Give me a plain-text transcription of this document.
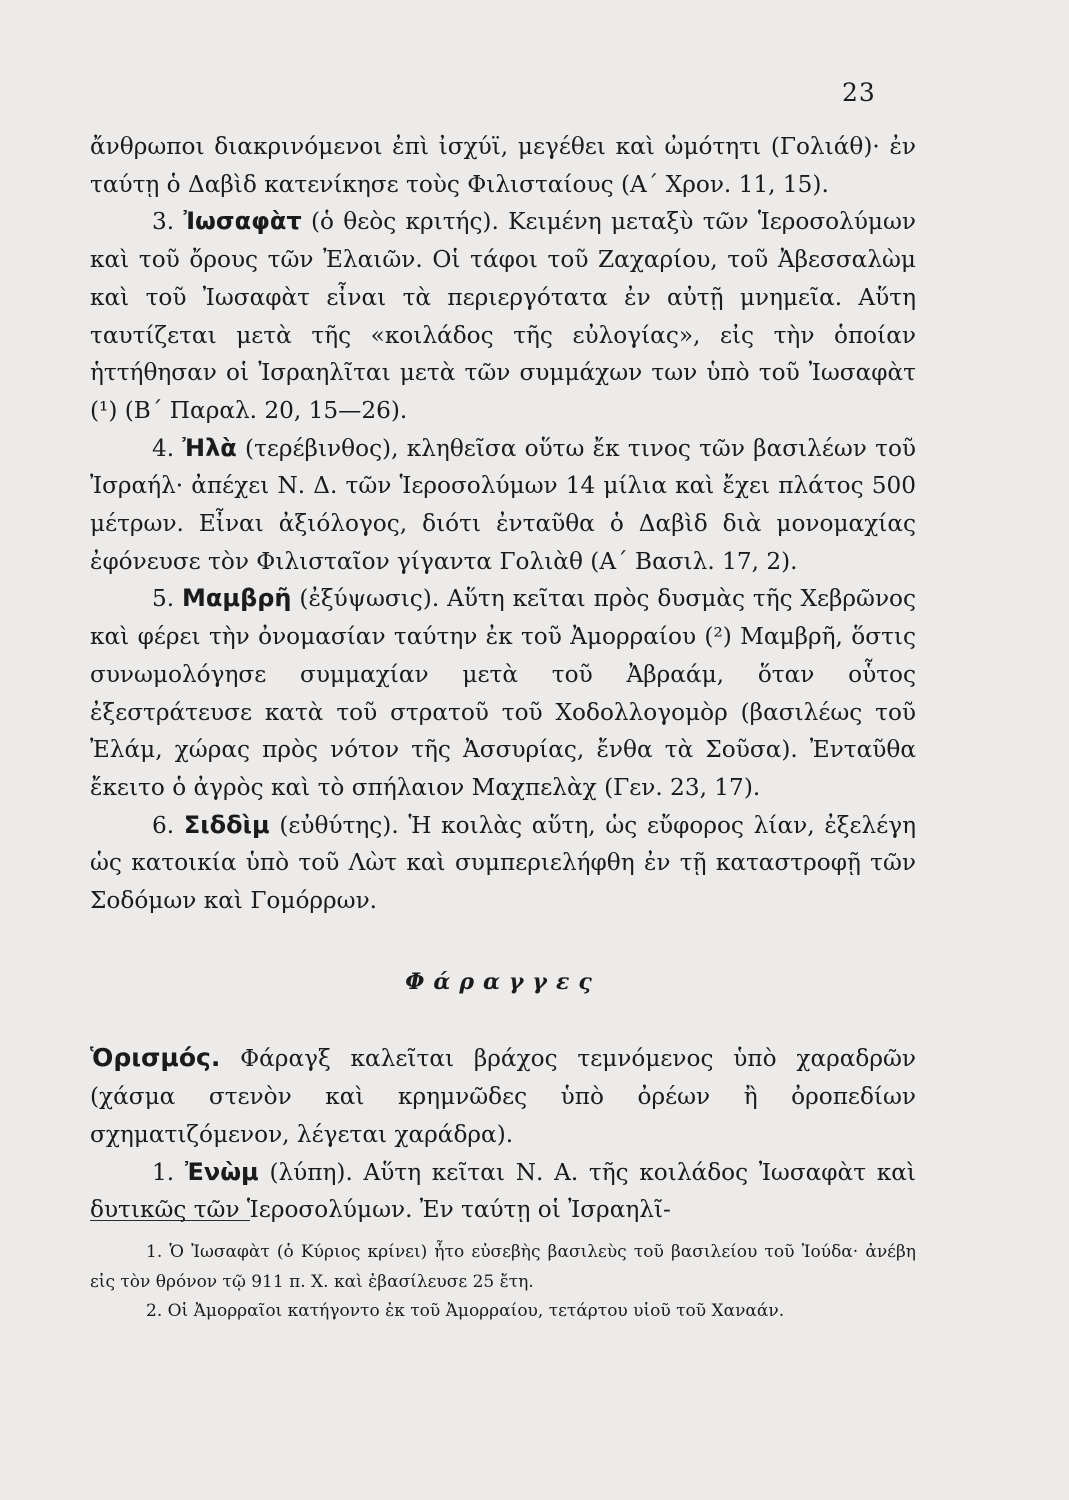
23

ἄνθρωποι διακρινόμενοι ἐπὶ ἰσχύϊ, μεγέθει καὶ ὠμότητι (Γολιάθ)· ἐν ταύτῃ ὁ Δαβὶδ κατενίκησε τοὺς Φιλισταίους (Α΄ Χρον. 11, 15).

3. Ἰωσαφὰτ (ὁ θεὸς κριτής). Κειμένη μεταξὺ τῶν Ἱεροσολύμων καὶ τοῦ ὄρους τῶν Ἐλαιῶν. Οἱ τάφοι τοῦ Ζαχαρίου, τοῦ Ἀβεσσαλὼμ καὶ τοῦ Ἰωσαφὰτ εἶναι τὰ περιεργότατα ἐν αὐτῇ μνημεῖα. Αὕτη ταυτίζεται μετὰ τῆς «κοιλάδος τῆς εὐλογίας», εἰς τὴν ὁποίαν ἡττήθησαν οἱ Ἰσραηλῖται μετὰ τῶν συμμάχων των ὑπὸ τοῦ Ἰωσαφὰτ (¹) (Β΄ Παραλ. 20, 15—26).

4. Ἠλὰ (τερέβινθος), κληθεῖσα οὕτω ἔκ τινος τῶν βασιλέων τοῦ Ἰσραήλ· ἀπέχει Ν. Δ. τῶν Ἱεροσολύμων 14 μίλια καὶ ἔχει πλάτος 500 μέτρων. Εἶναι ἀξιόλογος, διότι ἐνταῦθα ὁ Δαβὶδ διὰ μονομαχίας ἐφόνευσε τὸν Φιλισταῖον γίγαντα Γολιὰθ (Α΄ Βασιλ. 17, 2).

5. Μαμβρῆ (ἐξύψωσις). Αὕτη κεῖται πρὸς δυσμὰς τῆς Χεβρῶνος καὶ φέρει τὴν ὀνομασίαν ταύτην ἐκ τοῦ Ἀμορραίου (²) Μαμβρῆ, ὅστις συνωμολόγησε συμμαχίαν μετὰ τοῦ Ἀβραάμ, ὅταν οὗτος ἐξεστράτευσε κατὰ τοῦ στρατοῦ τοῦ Χοδολλογομὸρ (βασιλέως τοῦ Ἐλάμ, χώρας πρὸς νότον τῆς Ἀσσυρίας, ἔνθα τὰ Σοῦσα). Ἐνταῦθα ἔκειτο ὁ ἀγρὸς καὶ τὸ σπήλαιον Μαχπελὰχ (Γεν. 23, 17).

6. Σιδδὶμ (εὐθύτης). Ἡ κοιλὰς αὕτη, ὡς εὔφορος λίαν, ἐξελέγη ὡς κατοικία ὑπὸ τοῦ Λὼτ καὶ συμπεριελήφθη ἐν τῇ καταστροφῇ τῶν Σοδόμων καὶ Γομόρρων.

Φάραγγες

Ὁρισμός. Φάραγξ καλεῖται βράχος τεμνόμενος ὑπὸ χαραδρῶν (χάσμα στενὸν καὶ κρημνῶδες ὑπὸ ὀρέων ἢ ὀροπεδίων σχηματιζόμενον, λέγεται χαράδρα).

1. Ἐνὼμ (λύπη). Αὕτη κεῖται Ν. Α. τῆς κοιλάδος Ἰωσαφὰτ καὶ δυτικῶς τῶν Ἱεροσολύμων. Ἐν ταύτῃ οἱ Ἰσραηλῖ-

1. Ὁ Ἰωσαφὰτ (ὁ Κύριος κρίνει) ἦτο εὐσεβὴς βασιλεὺς τοῦ βασιλείου τοῦ Ἰούδα· ἀνέβη εἰς τὸν θρόνον τῷ 911 π. Χ. καὶ ἐβασίλευσε 25 ἔτη.

2. Οἱ Ἀμορραῖοι κατήγοντο ἐκ τοῦ Ἀμορραίου, τετάρτου υἱοῦ τοῦ Χαναάν.
